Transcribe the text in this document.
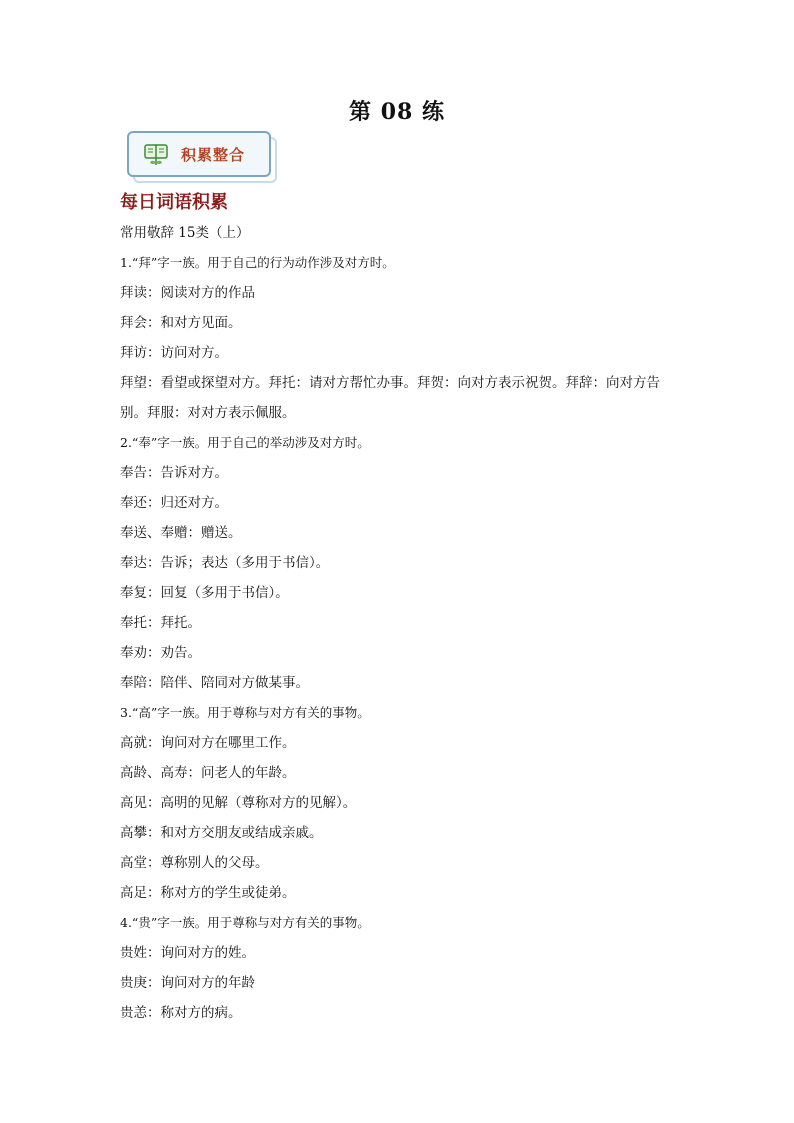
第 08 练
积累整合
每日词语积累
常用敬辞 15类（上）
1.“拜”字一族。用于自己的行为动作涉及对方时。
拜读：阅读对方的作品
拜会：和对方见面。
拜访：访问对方。
拜望：看望或探望对方。拜托：请对方帮忙办事。拜贺：向对方表示祝贺。拜辞：向对方告别。拜服：对对方表示佩服。
2.“奉”字一族。用于自己的举动涉及对方时。
奉告：告诉对方。
奉还：归还对方。
奉送、奉赠：赠送。
奉达：告诉；表达（多用于书信）。
奉复：回复（多用于书信）。
奉托：拜托。
奉劝：劝告。
奉陪：陪伴、陪同对方做某事。
3.“高”字一族。用于尊称与对方有关的事物。
高就：询问对方在哪里工作。
高龄、高寿：问老人的年龄。
高见：高明的见解（尊称对方的见解）。
高攀：和对方交朋友或结成亲戚。
高堂：尊称别人的父母。
高足：称对方的学生或徒弟。
4.“贵”字一族。用于尊称与对方有关的事物。
贵姓：询问对方的姓。
贵庚：询问对方的年龄
贵恙：称对方的病。
